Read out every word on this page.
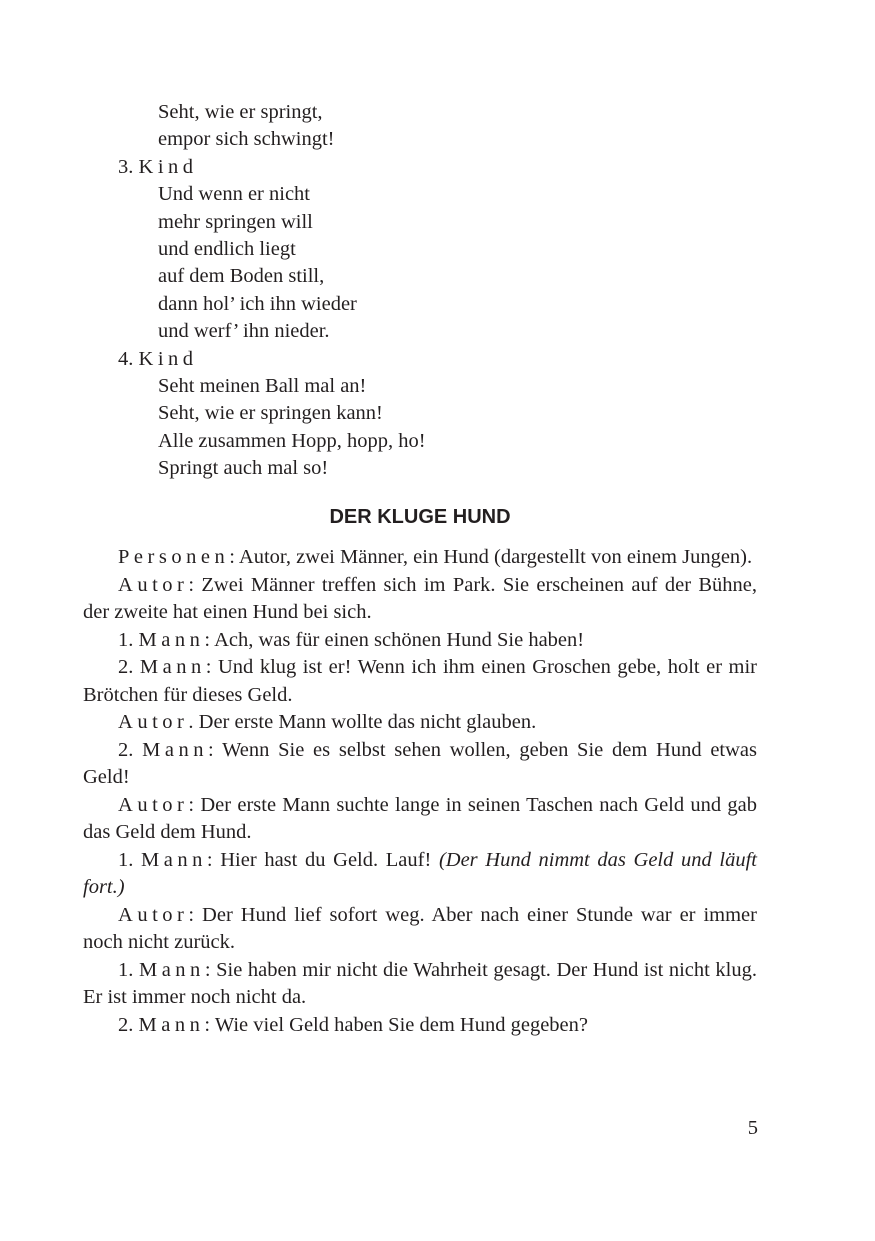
Seht, wie er springt,
empor sich schwingt!
3. Kind
Und wenn er nicht
mehr springen will
und endlich liegt
auf dem Boden still,
dann hol’ ich ihn wieder
und werf’ ihn nieder.
4. Kind
Seht meinen Ball mal an!
Seht, wie er springen kann!
Alle zusammen Hopp, hopp, ho!
Springt auch mal so!
DER KLUGE HUND

Personen: Autor, zwei Männer, ein Hund (dargestellt von einem Jungen).

Autor: Zwei Männer treffen sich im Park. Sie erscheinen auf der Bühne, der zweite hat einen Hund bei sich.

1. Mann: Ach, was für einen schönen Hund Sie haben!

2. Mann: Und klug ist er! Wenn ich ihm einen Groschen gebe, holt er mir Brötchen für dieses Geld.

Autor. Der erste Mann wollte das nicht glauben.

2. Mann: Wenn Sie es selbst sehen wollen, geben Sie dem Hund etwas Geld!

Autor: Der erste Mann suchte lange in seinen Taschen nach Geld und gab das Geld dem Hund.

1. Mann: Hier hast du Geld. Lauf! (Der Hund nimmt das Geld und läuft fort.)

Autor: Der Hund lief sofort weg. Aber nach einer Stunde war er immer noch nicht zurück.

1. Mann: Sie haben mir nicht die Wahrheit gesagt. Der Hund ist nicht klug. Er ist immer noch nicht da.

2. Mann: Wie viel Geld haben Sie dem Hund gegeben?

5
